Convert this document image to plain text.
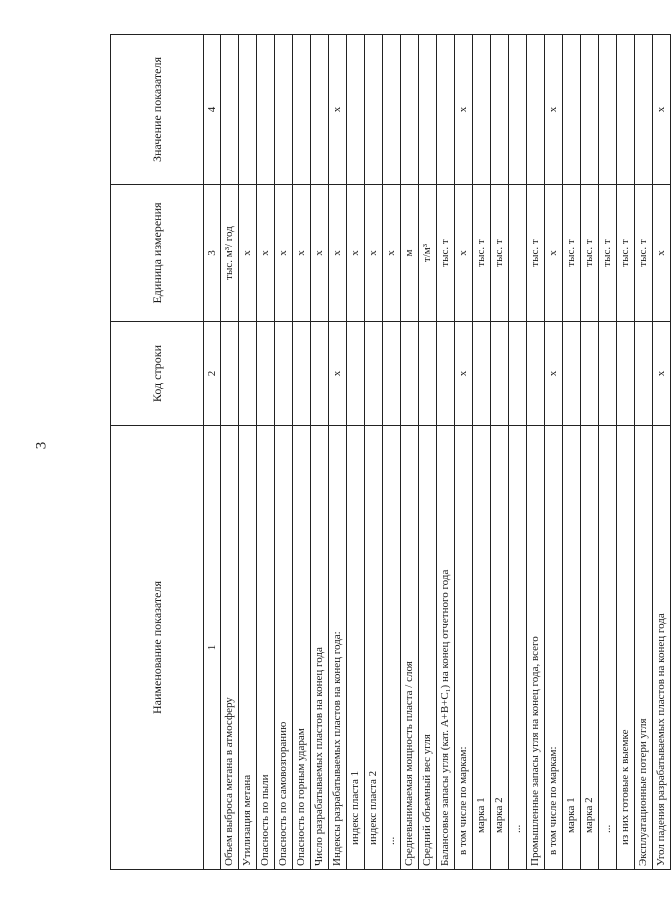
3
Наименование показателя	Код строки	Единица измерения	Значение показателя
1	2	3	4
Объем выброса метана в атмосферу		тыс. м³/ год	
Утилизация метана		х	
Опасность по пыли		х	
Опасность по самовозгоранию		х	
Опасность по горным ударам		х	
Число разрабатываемых пластов на конец года		х	
Индексы разрабатываемых пластов на конец года:	х	х	х
индекс пласта 1		х	
индекс пласта 2		х	
...		х	
Средневынимаемая мощность пласта / слоя		м	
Средний объемный вес угля		т/м³	
Балансовые запасы угля (кат. А+В+С₁) на конец отчетного года		тыс. т	
в том числе по маркам:	х	х	х
марка 1		тыс. т	
марка 2		тыс. т	
...			
Промышленные запасы угля на конец года, всего		тыс. т	
в том числе по маркам:	х	х	х
марка 1		тыс. т	
марка 2		тыс. т	
...		тыс. т	
из них готовые к выемке		тыс. т	
Эксплуатационные потери угля		тыс. т	
Угол падения разрабатываемых пластов на конец года	х	х	х
